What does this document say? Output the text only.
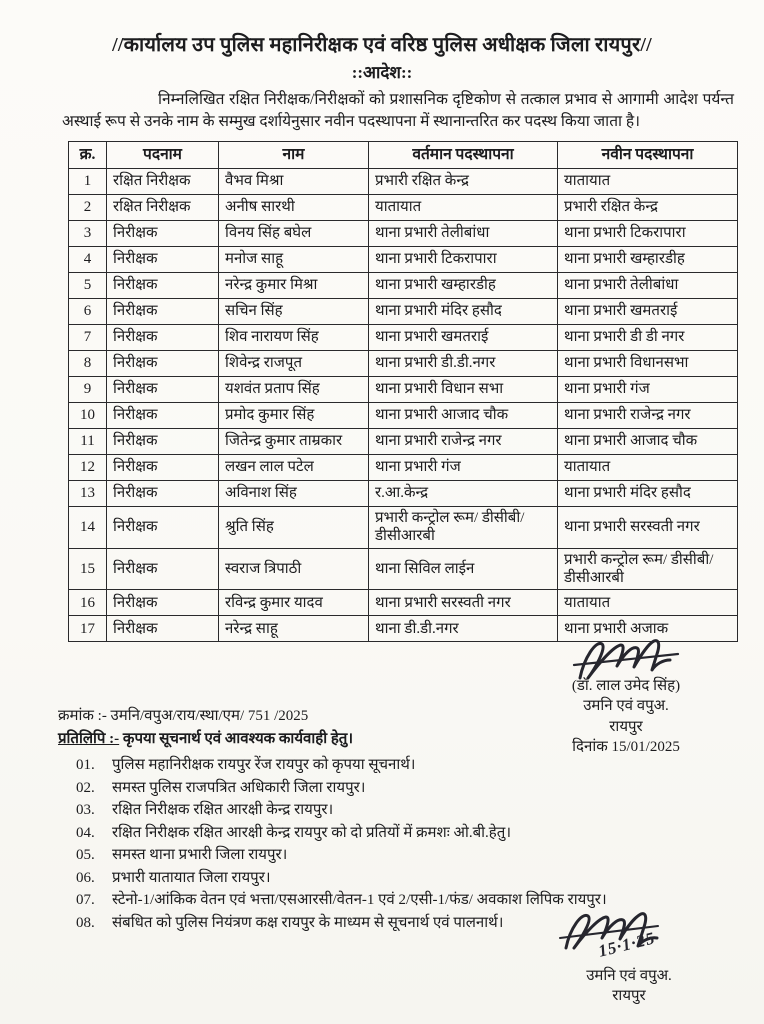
//कार्यालय उप पुलिस महानिरीक्षक एवं वरिष्ठ पुलिस अधीक्षक जिला रायपुर//
::आदेश::

निम्नलिखित रक्षित निरीक्षक/निरीक्षकों को प्रशासनिक दृष्टिकोण से तत्काल प्रभाव से आगामी आदेश पर्यन्त अस्थाई रूप से उनके नाम के सम्मुख दर्शायेनुसार नवीन पदस्थापना में स्थानान्तरित कर पदस्थ किया जाता है।

क्र.	पदनाम	नाम	वर्तमान पदस्थापना	नवीन पदस्थापना
1	रक्षित निरीक्षक	वैभव मिश्रा	प्रभारी रक्षित केन्द्र	यातायात
2	रक्षित निरीक्षक	अनीष सारथी	यातायात	प्रभारी रक्षित केन्द्र
3	निरीक्षक	विनय सिंह बघेल	थाना प्रभारी तेलीबांधा	थाना प्रभारी टिकरापारा
4	निरीक्षक	मनोज साहू	थाना प्रभारी टिकरापारा	थाना प्रभारी खम्हारडीह
5	निरीक्षक	नरेन्द्र कुमार मिश्रा	थाना प्रभारी खम्हारडीह	थाना प्रभारी तेलीबांधा
6	निरीक्षक	सचिन सिंह	थाना प्रभारी मंदिर हसौद	थाना प्रभारी खमतराई
7	निरीक्षक	शिव नारायण सिंह	थाना प्रभारी खमतराई	थाना प्रभारी डी डी नगर
8	निरीक्षक	शिवेन्द्र राजपूत	थाना प्रभारी डी.डी.नगर	थाना प्रभारी विधानसभा
9	निरीक्षक	यशवंत प्रताप सिंह	थाना प्रभारी विधान सभा	थाना प्रभारी गंज
10	निरीक्षक	प्रमोद कुमार सिंह	थाना प्रभारी आजाद चौक	थाना प्रभारी राजेन्द्र नगर
11	निरीक्षक	जितेन्द्र कुमार ताम्रकार	थाना प्रभारी राजेन्द्र नगर	थाना प्रभारी आजाद चौक
12	निरीक्षक	लखन लाल पटेल	थाना प्रभारी गंज	यातायात
13	निरीक्षक	अविनाश सिंह	र.आ.केन्द्र	थाना प्रभारी मंदिर हसौद
14	निरीक्षक	श्रुति सिंह	प्रभारी कन्ट्रोल रूम/ डीसीबी/डीसीआरबी	थाना प्रभारी सरस्वती नगर
15	निरीक्षक	स्वराज त्रिपाठी	थाना सिविल लाईन	प्रभारी कन्ट्रोल रूम/ डीसीबी/डीसीआरबी
16	निरीक्षक	रविन्द्र कुमार यादव	थाना प्रभारी सरस्वती नगर	यातायात
17	निरीक्षक	नरेन्द्र साहू	थाना डी.डी.नगर	थाना प्रभारी अजाक
(डॉ. लाल उमेद सिंह)
उमनि एवं वपुअ.
रायपुर
दिनांक 15/01/2025
क्रमांक :- उमनि/वपुअ/राय/स्था/एम/ 751 /2025
प्रतिलिपि :- कृपया सूचनार्थ एवं आवश्यक कार्यवाही हेतु।
01.	पुलिस महानिरीक्षक रायपुर रेंज रायपुर को कृपया सूचनार्थ।
02.	समस्त पुलिस राजपत्रित अधिकारी जिला रायपुर।
03.	रक्षित निरीक्षक रक्षित आरक्षी केन्द्र रायपुर।
04.	रक्षित निरीक्षक रक्षित आरक्षी केन्द्र रायपुर को दो प्रतियों में क्रमशः ओ.बी.हेतु।
05.	समस्त थाना प्रभारी जिला रायपुर।
06.	प्रभारी यातायात जिला रायपुर।
07.	स्टेनो-1/आंकिक वेतन एवं भत्ता/एसआरसी/वेतन-1 एवं 2/एसी-1/फंड/ अवकाश लिपिक रायपुर।
08.	संबधित को पुलिस नियंत्रण कक्ष रायपुर के माध्यम से सूचनार्थ एवं पालनार्थ।
15·1·25
उमनि एवं वपुअ.
रायपुर
